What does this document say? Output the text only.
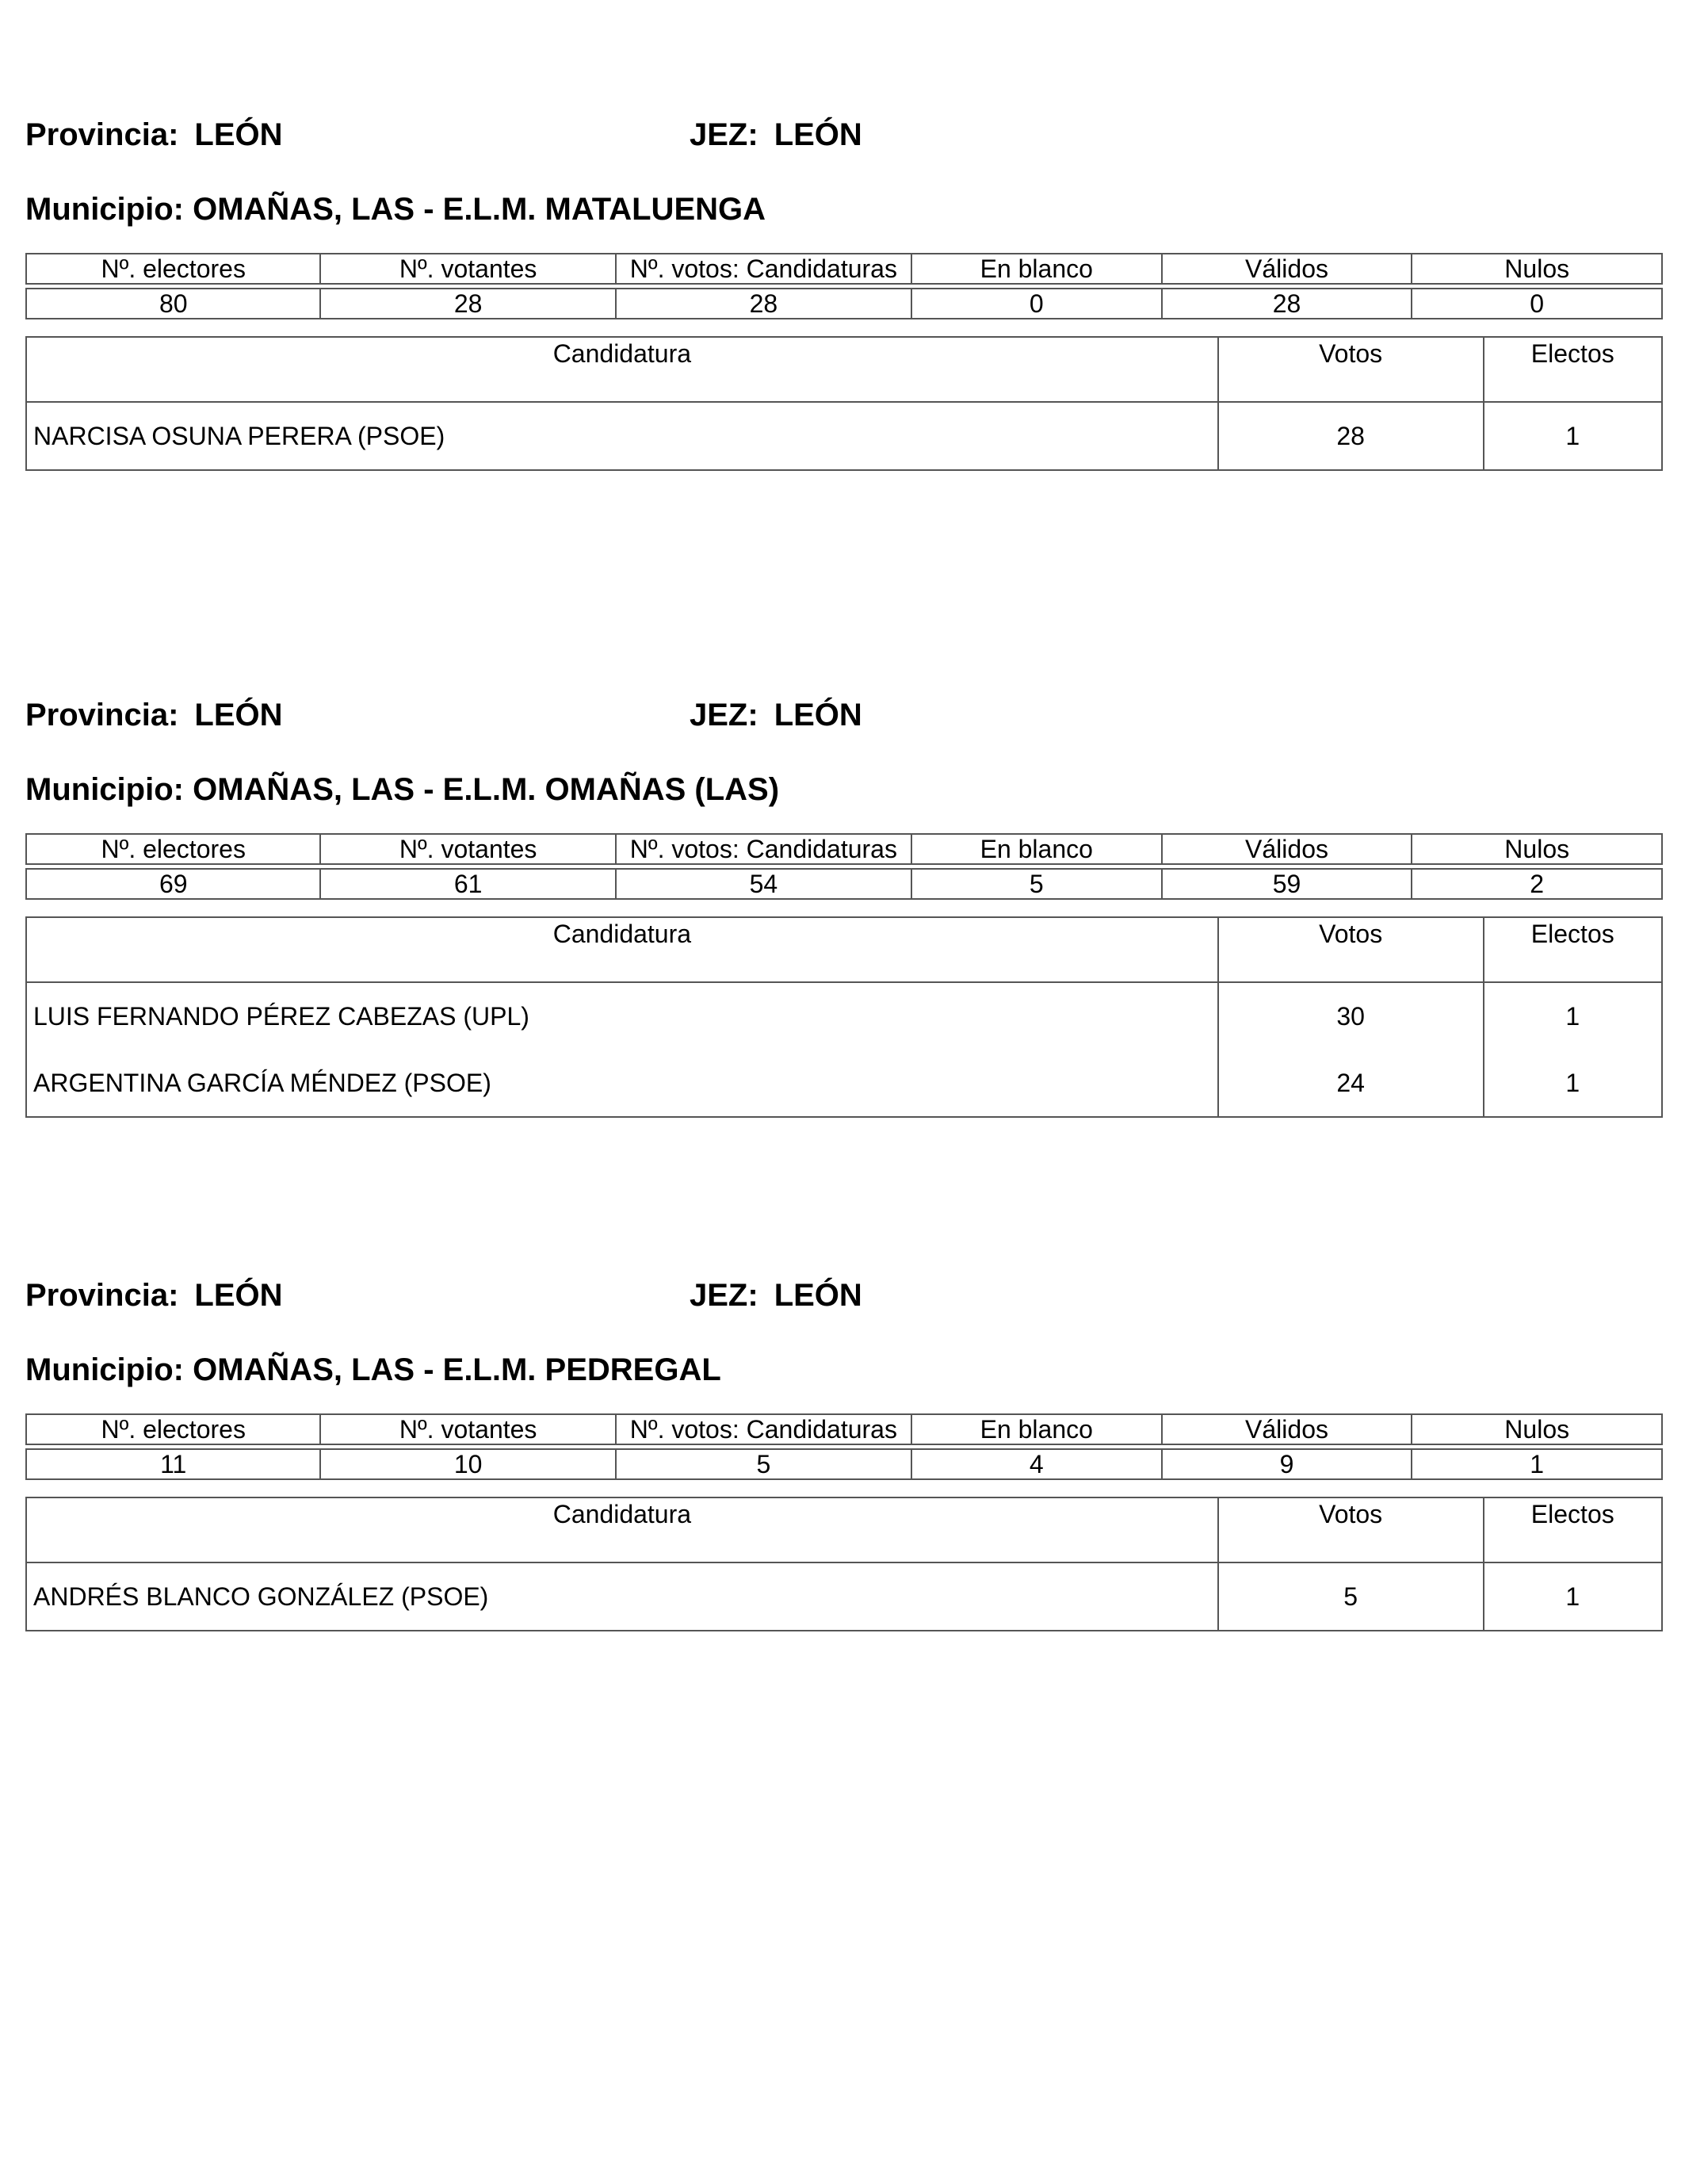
Provincia: LEÓN	JEZ: LEÓN
Municipio: OMAÑAS, LAS - E.L.M. MATALUENGA
Nº. electores	Nº. votantes	Nº. votos: Candidaturas	En blanco	Válidos	Nulos

80	28	28	0	28	0
Candidatura	Votos	Electos
NARCISA OSUNA PERERA (PSOE)	28	1
Provincia: LEÓN	JEZ: LEÓN
Municipio: OMAÑAS, LAS - E.L.M. OMAÑAS (LAS)
Nº. electores	Nº. votantes	Nº. votos: Candidaturas	En blanco	Válidos	Nulos

69	61	54	5	59	2
Candidatura	Votos	Electos
LUIS FERNANDO PÉREZ CABEZAS (UPL)	30	1
ARGENTINA GARCÍA MÉNDEZ (PSOE)	24	1
Provincia: LEÓN	JEZ: LEÓN
Municipio: OMAÑAS, LAS - E.L.M. PEDREGAL
Nº. electores	Nº. votantes	Nº. votos: Candidaturas	En blanco	Válidos	Nulos

11	10	5	4	9	1
Candidatura	Votos	Electos
ANDRÉS BLANCO GONZÁLEZ (PSOE)	5	1
